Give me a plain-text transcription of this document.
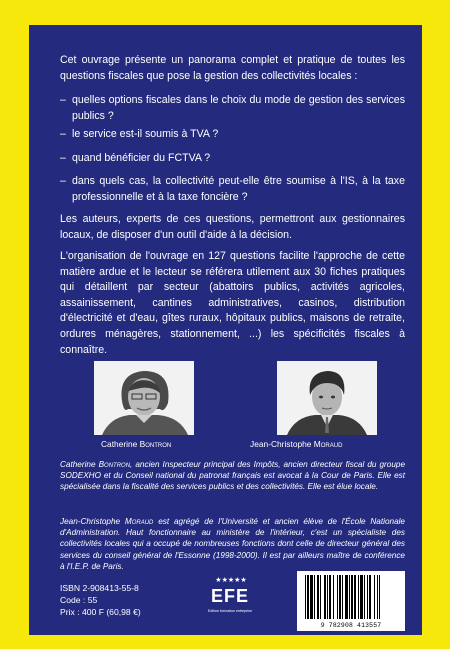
Cet ouvrage présente un panorama complet et pratique de toutes les questions fiscales que pose la gestion des collectivités locales :

– quelles options fiscales dans le choix du mode de gestion des services publics ?

– le service est-il soumis à TVA ?

– quand bénéficier du FCTVA ?

– dans quels cas, la collectivité peut-elle être soumise à l'IS, à la taxe professionnelle et à la taxe foncière ?

Les auteurs, experts de ces questions, permettront aux gestionnaires locaux, de disposer d'un outil d'aide à la décision.

L'organisation de l'ouvrage en 127 questions facilite l'approche de cette matière ardue et le lecteur se référera utilement aux 30 fiches pratiques qui détaillent par secteur (abattoirs publics, activités agricoles, assainissement, cantines administratives, casinos, distribution d'électricité et d'eau, gîtes ruraux, hôpitaux publics, maisons de retraite, ordures ménagères, stationnement, ...) les spécificités fiscales à connaître.

Catherine Bontron	Jean-Christophe Moraud

Catherine Bontron, ancien Inspecteur principal des Impôts, ancien directeur fiscal du groupe SODEXHO et du Conseil national du patronat français est avocat à la Cour de Paris. Elle est spécialisée dans la fiscalité des services publics et des collectivités. Elle est élue locale.

Jean-Christophe Moraud est agrégé de l'Université et ancien élève de l'École Nationale d'Administration. Haut fonctionnaire au ministère de l'intérieur, c'est un spécialiste des collectivités locales qui a occupé de nombreuses fonctions dont celle de directeur général des services du conseil général de l'Essonne (1998-2000). Il est par ailleurs maître de conférence à l'I.E.P. de Paris.

ISBN 2-908413-55-8
Code : 55
Prix : 400 F (60,98 €)
★★★★★
EFE
Edition formation entreprise
9 782908 413557
